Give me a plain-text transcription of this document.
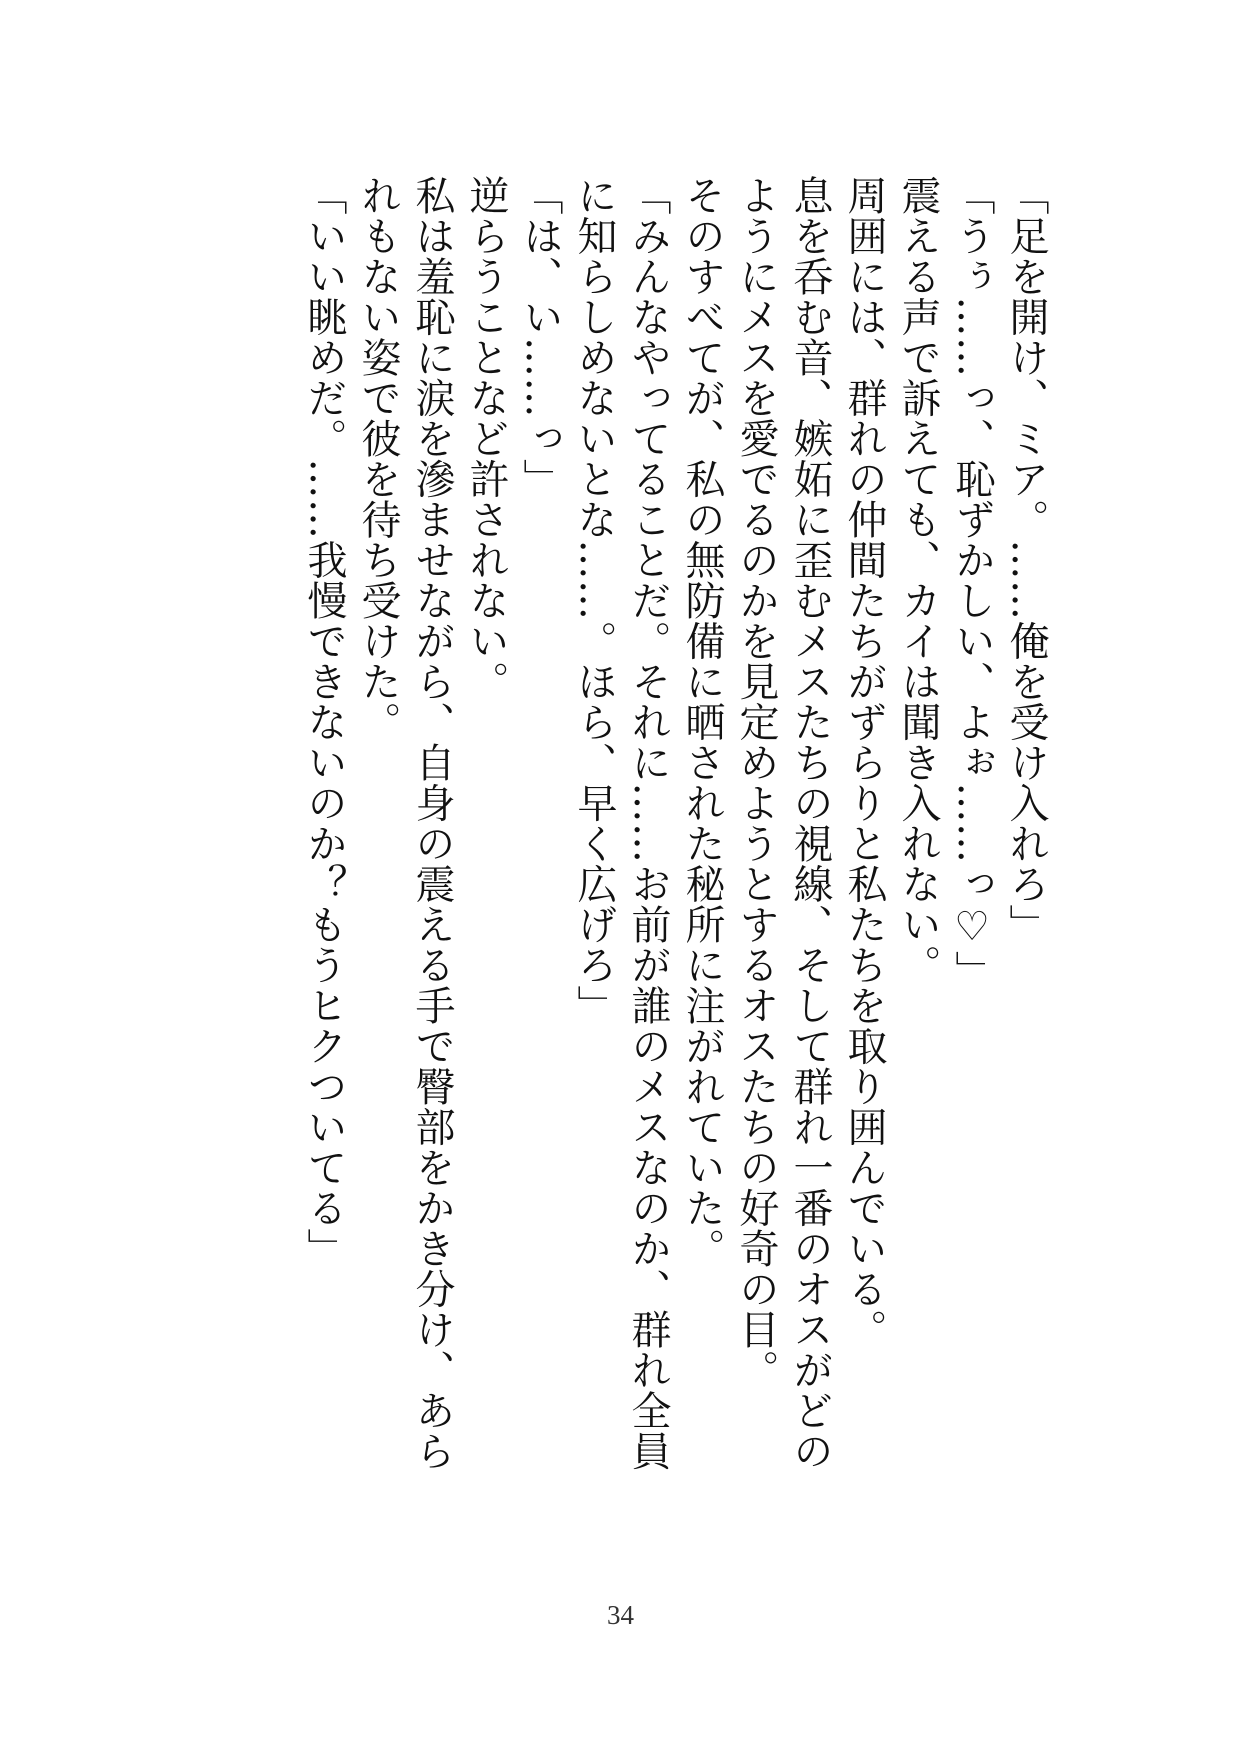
「足を開け、ミア。……俺を受け入れろ」

「うぅ……っ、恥ずかしい、よぉ……っ♡」

震える声で訴えても、カイは聞き入れない。

周囲には、群れの仲間たちがずらりと私たちを取り囲んでいる。

息を呑む音、嫉妬に歪むメスたちの視線、そして群れ一番のオスがどの

ようにメスを愛でるのかを見定めようとするオスたちの好奇の目。

そのすべてが、私の無防備に晒された秘所に注がれていた。

「みんなやってることだ。それに……お前が誰のメスなのか、群れ全員

に知らしめないとな……。ほら、早く広げろ」

「は、い……っ」

逆らうことなど許されない。

私は羞恥に涙を滲ませながら、自身の震える手で臀部をかき分け、あら

れもない姿で彼を待ち受けた。

「いい眺めだ。……我慢できないのか？もうヒクついてる」

34
